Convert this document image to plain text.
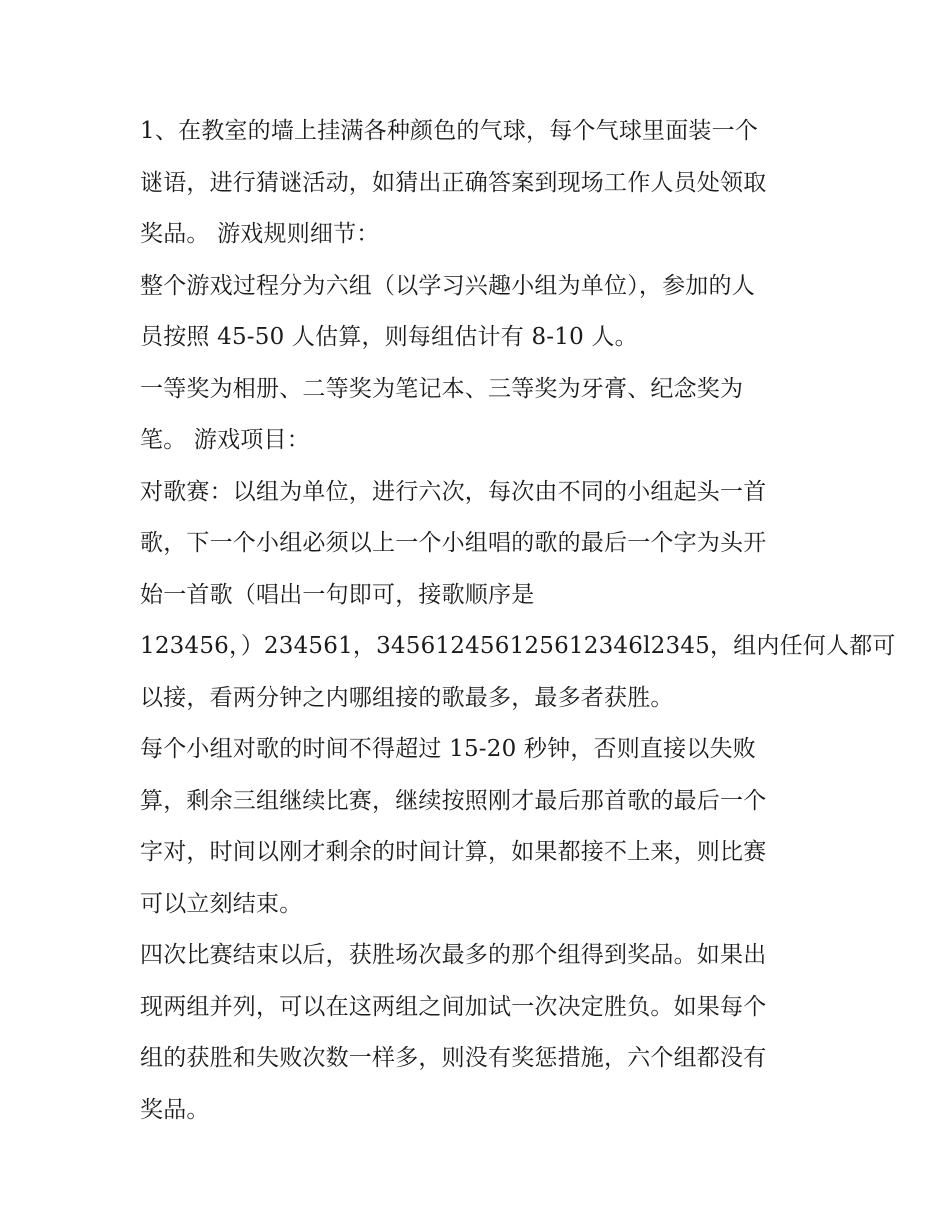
1、在教室的墙上挂满各种颜色的气球，每个气球里面装一个
谜语，进行猜谜活动，如猜出正确答案到现场工作人员处领取
奖品。 游戏规则细节：
整个游戏过程分为六组（以学习兴趣小组为单位），参加的人
员按照 45-50 人估算，则每组估计有 8-10 人。
一等奖为相册、二等奖为笔记本、三等奖为牙膏、纪念奖为
笔。 游戏项目：
对歌赛：以组为单位，进行六次，每次由不同的小组起头一首
歌，下一个小组必须以上一个小组唱的歌的最后一个字为头开
始一首歌（唱出一句即可，接歌顺序是
123456，）234561，345612456125612346l2345，组内任何人都可
以接，看两分钟之内哪组接的歌最多，最多者获胜。
每个小组对歌的时间不得超过 15-20 秒钟，否则直接以失败
算，剩余三组继续比赛，继续按照刚才最后那首歌的最后一个
字对，时间以刚才剩余的时间计算，如果都接不上来，则比赛
可以立刻结束。
四次比赛结束以后，获胜场次最多的那个组得到奖品。如果出
现两组并列，可以在这两组之间加试一次决定胜负。如果每个
组的获胜和失败次数一样多，则没有奖惩措施，六个组都没有
奖品。
